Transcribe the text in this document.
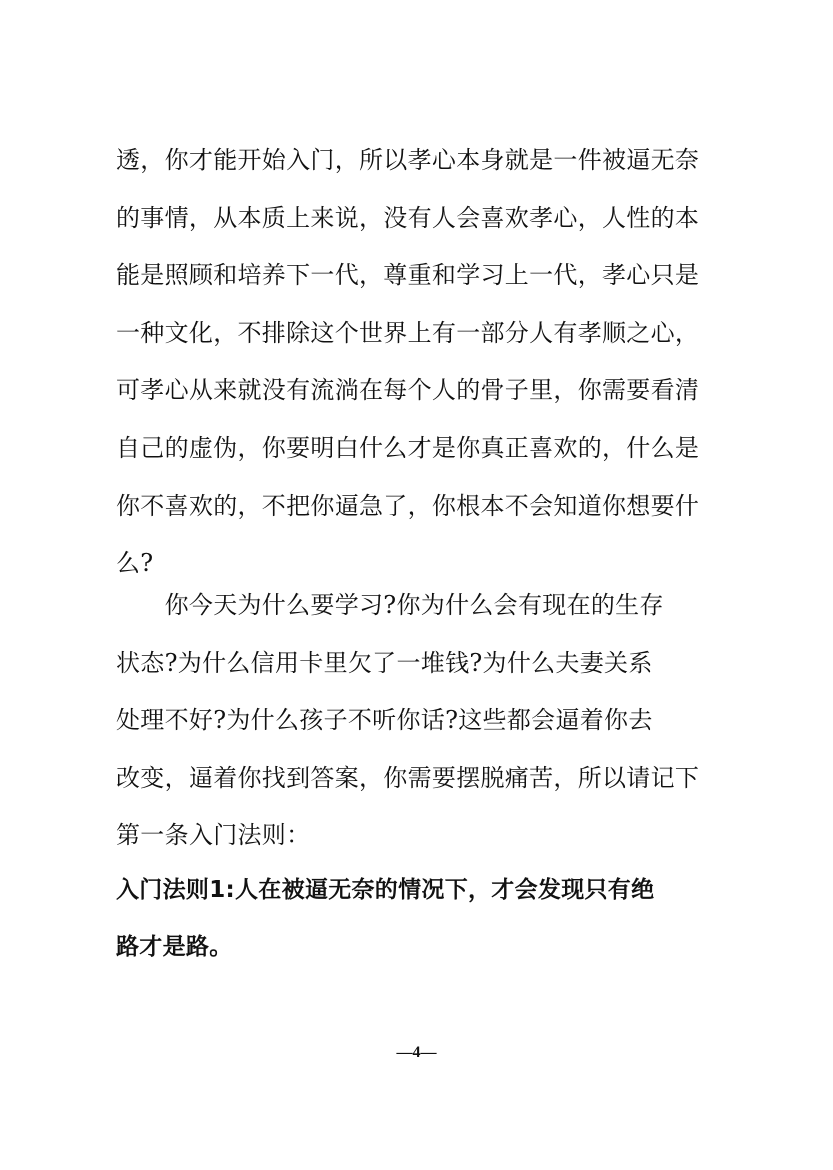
透，你才能开始入门，所以孝心本身就是一件被逼无奈
的事情，从本质上来说，没有人会喜欢孝心，人性的本
能是照顾和培养下一代，尊重和学习上一代，孝心只是
一种文化，不排除这个世界上有一部分人有孝顺之心，
可孝心从来就没有流淌在每个人的骨子里，你需要看清
自己的虚伪，你要明白什么才是你真正喜欢的，什么是
你不喜欢的，不把你逼急了，你根本不会知道你想要什
么?
　　你今天为什么要学习?你为什么会有现在的生存
状态?为什么信用卡里欠了一堆钱?为什么夫妻关系
处理不好?为什么孩子不听你话?这些都会逼着你去
改变，逼着你找到答案，你需要摆脱痛苦，所以请记下
第一条入门法则：
入门法则1:人在被逼无奈的情况下，才会发现只有绝
路才是路。
—4—
